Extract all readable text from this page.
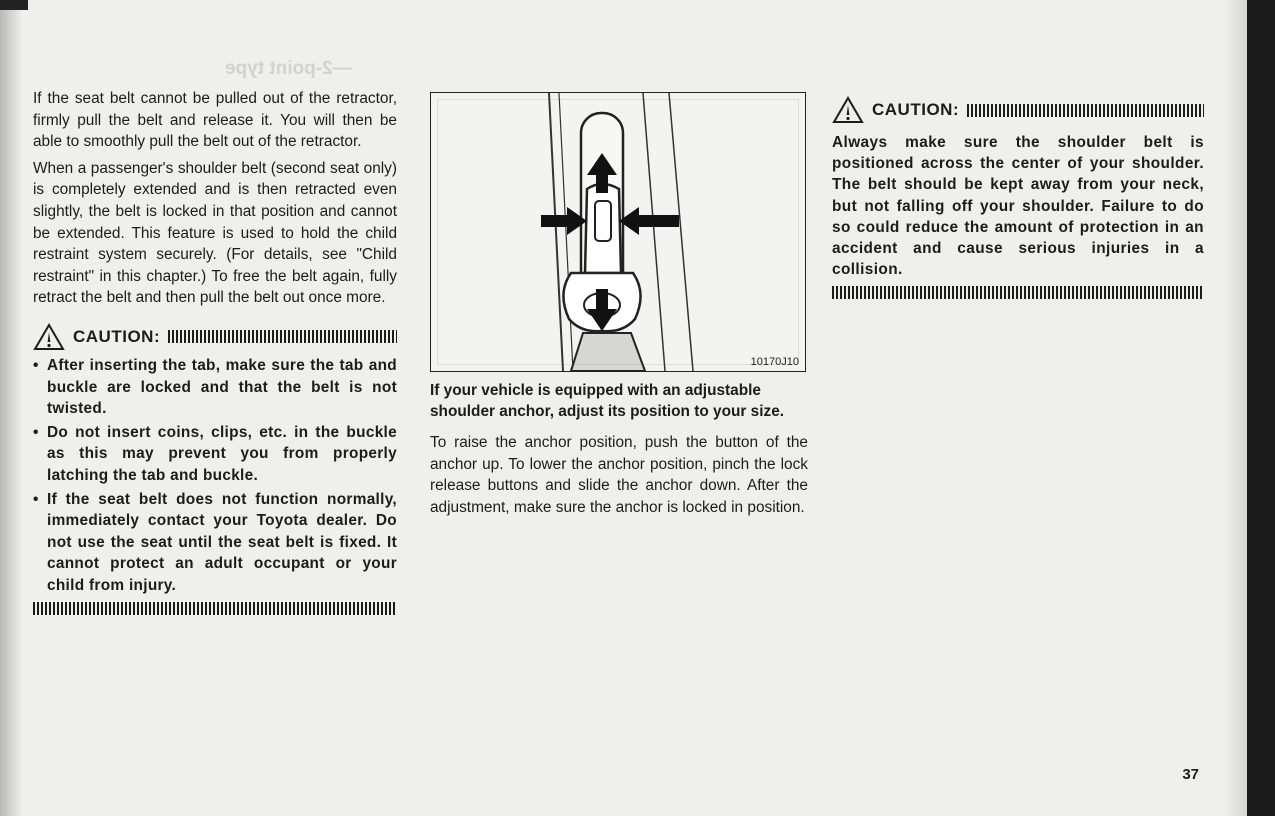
—2-point type

If the seat belt cannot be pulled out of the retractor, firmly pull the belt and release it. You will then be able to smoothly pull the belt out of the retractor.

When a passenger's shoulder belt (second seat only) is completely extended and is then retracted even slightly, the belt is locked in that position and cannot be extended. This feature is used to hold the child restraint system securely. (For details, see "Child restraint" in this chapter.) To free the belt again, fully retract the belt and then pull the belt out once more.

CAUTION:
• After inserting the tab, make sure the tab and buckle are locked and that the belt is not twisted.
• Do not insert coins, clips, etc. in the buckle as this may prevent you from properly latching the tab and buckle.
• If the seat belt does not function normally, immediately contact your Toyota dealer. Do not use the seat until the seat belt is fixed. It cannot protect an adult occupant or your child from injury.
10170J10

If your vehicle is equipped with an adjustable shoulder anchor, adjust its position to your size.

To raise the anchor position, push the button of the anchor up. To lower the anchor position, pinch the lock release buttons and slide the anchor down. After the adjustment, make sure the anchor is locked in position.

CAUTION:

Always make sure the shoulder belt is positioned across the center of your shoulder. The belt should be kept away from your neck, but not falling off your shoulder. Failure to do so could reduce the amount of protection in an accident and cause serious injuries in a collision.

37
